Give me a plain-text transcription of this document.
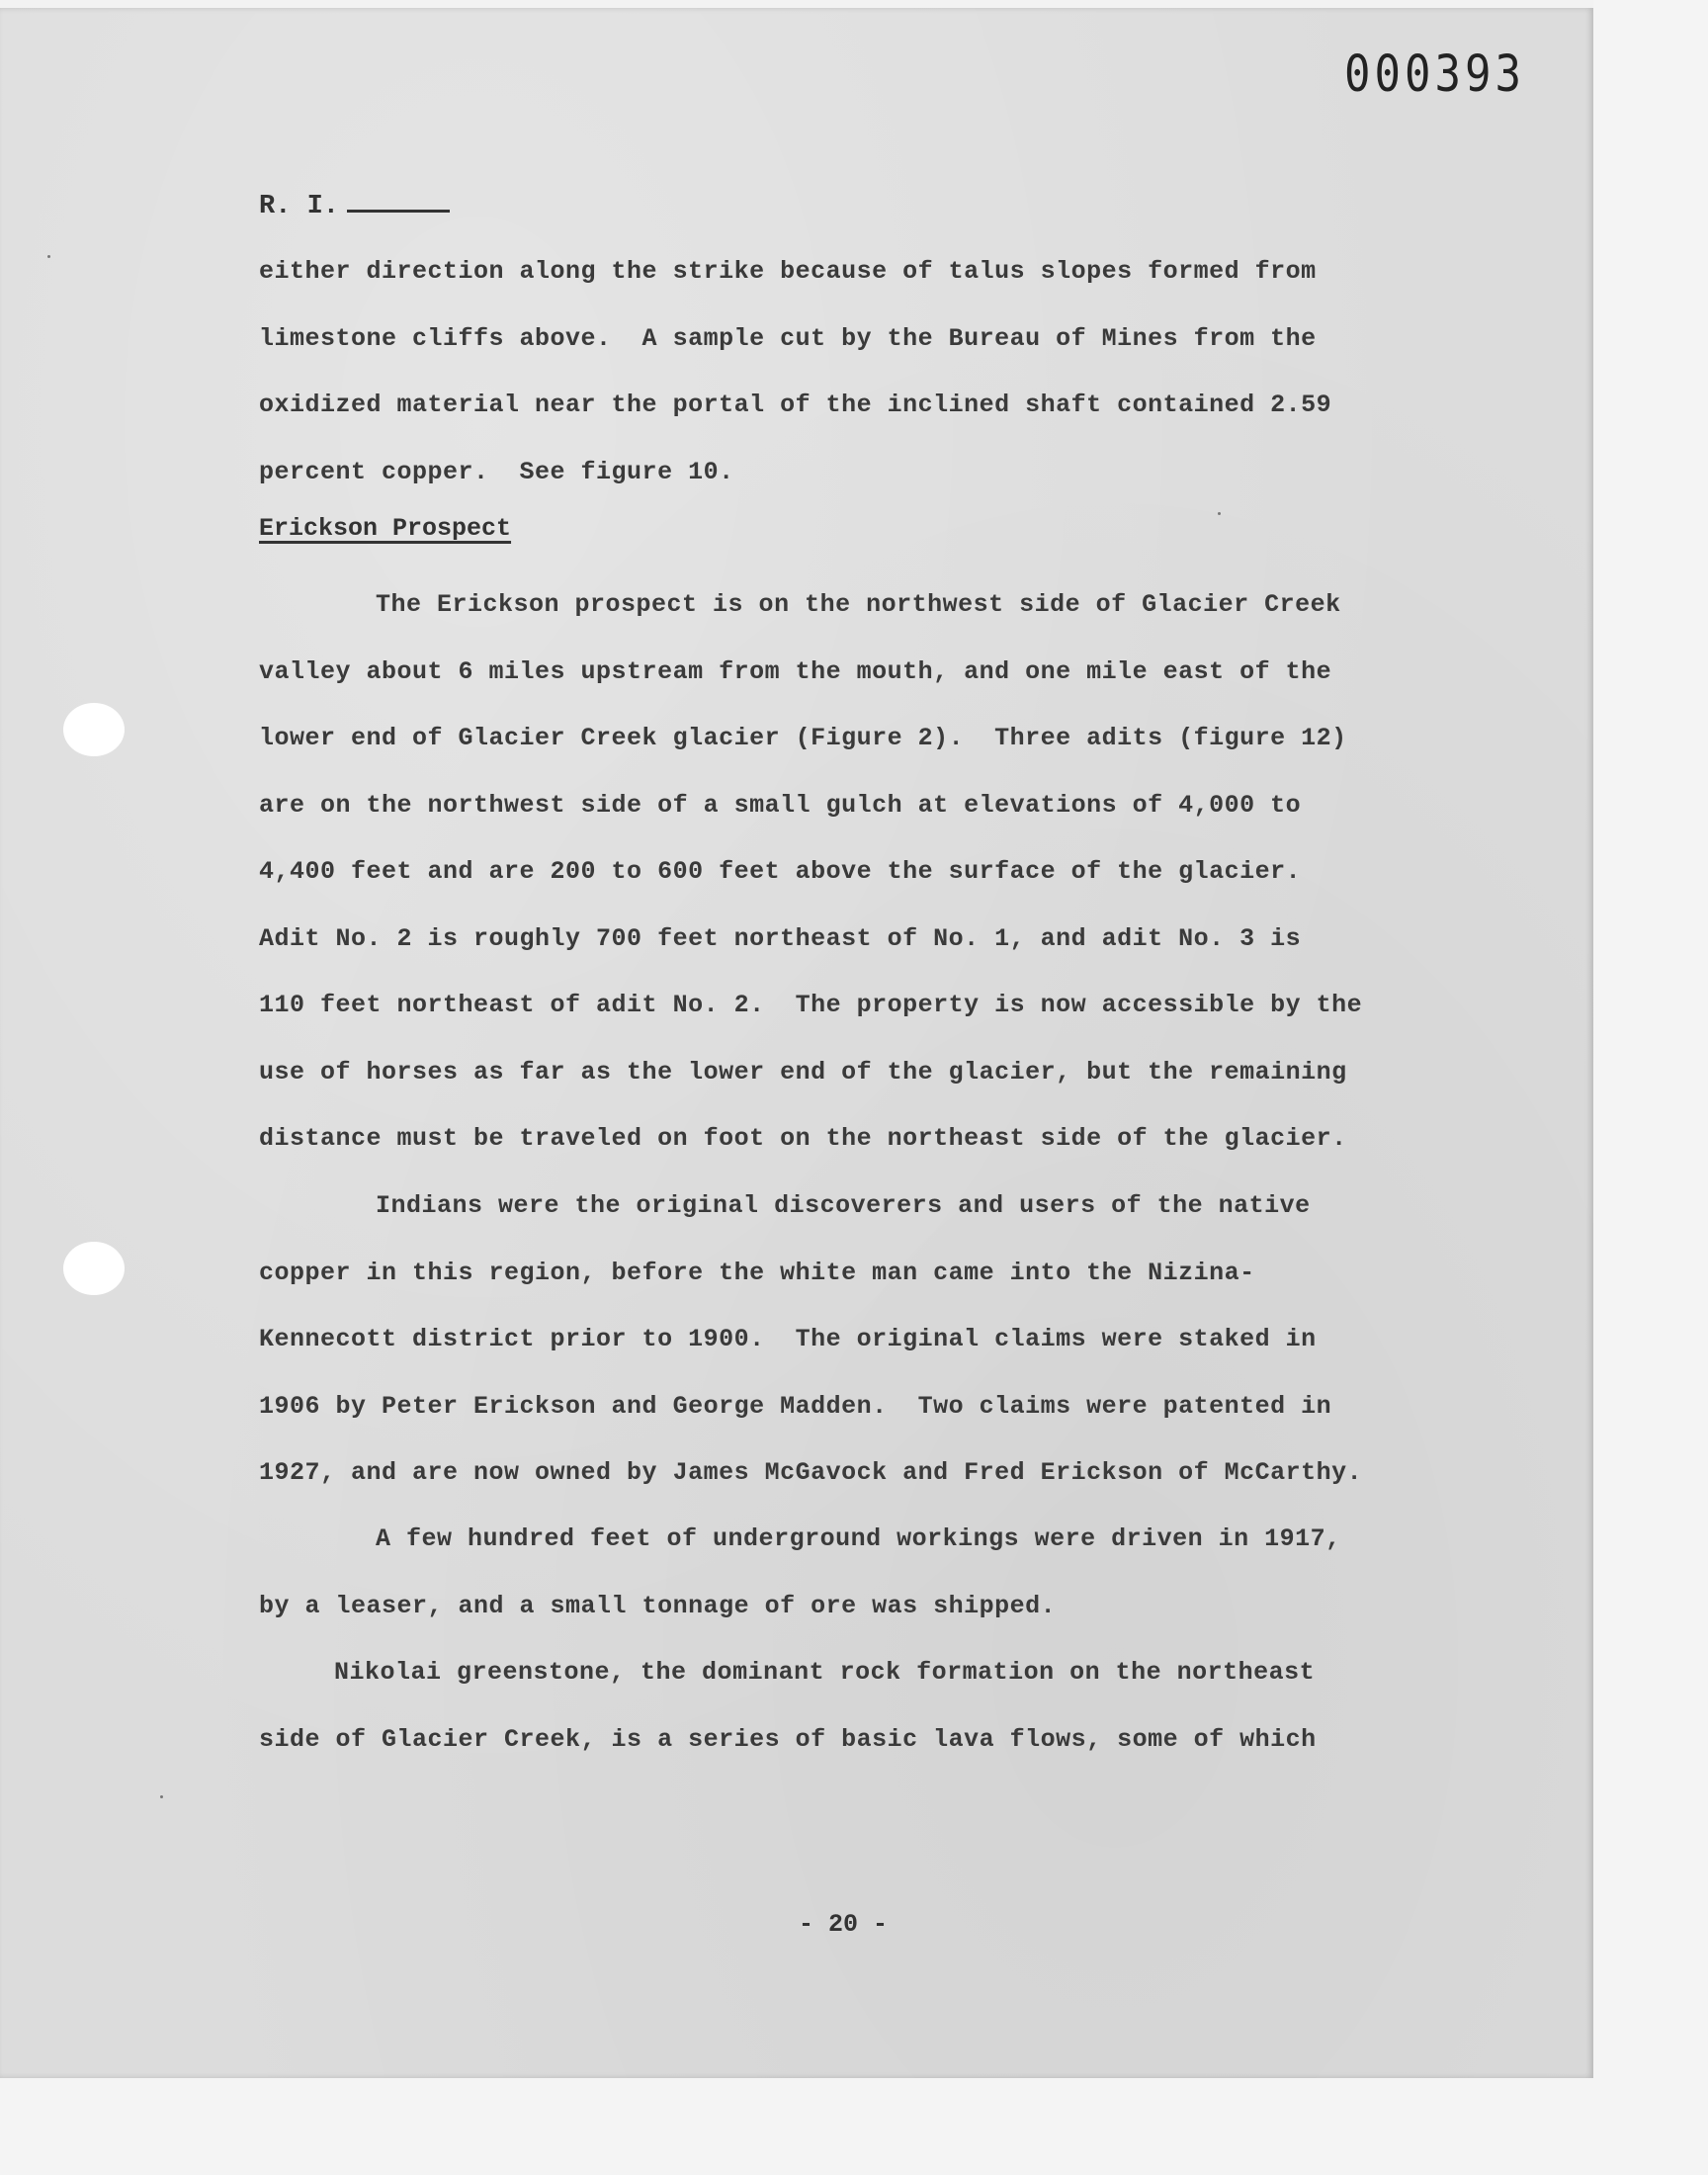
000393
R. I.
either direction along the strike because of talus slopes formed from
limestone cliffs above.  A sample cut by the Bureau of Mines from the
oxidized material near the portal of the inclined shaft contained 2.59
percent copper.  See figure 10.
Erickson Prospect
The Erickson prospect is on the northwest side of Glacier Creek
valley about 6 miles upstream from the mouth, and one mile east of the
lower end of Glacier Creek glacier (Figure 2).  Three adits (figure 12)
are on the northwest side of a small gulch at elevations of 4,000 to
4,400 feet and are 200 to 600 feet above the surface of the glacier.
Adit No. 2 is roughly 700 feet northeast of No. 1, and adit No. 3 is
110 feet northeast of adit No. 2.  The property is now accessible by the
use of horses as far as the lower end of the glacier, but the remaining
distance must be traveled on foot on the northeast side of the glacier.
Indians were the original discoverers and users of the native
copper in this region, before the white man came into the Nizina-
Kennecott district prior to 1900.  The original claims were staked in
1906 by Peter Erickson and George Madden.  Two claims were patented in
1927, and are now owned by James McGavock and Fred Erickson of McCarthy.
A few hundred feet of underground workings were driven in 1917,
by a leaser, and a small tonnage of ore was shipped.
Nikolai greenstone, the dominant rock formation on the northeast
side of Glacier Creek, is a series of basic lava flows, some of which
- 20 -
